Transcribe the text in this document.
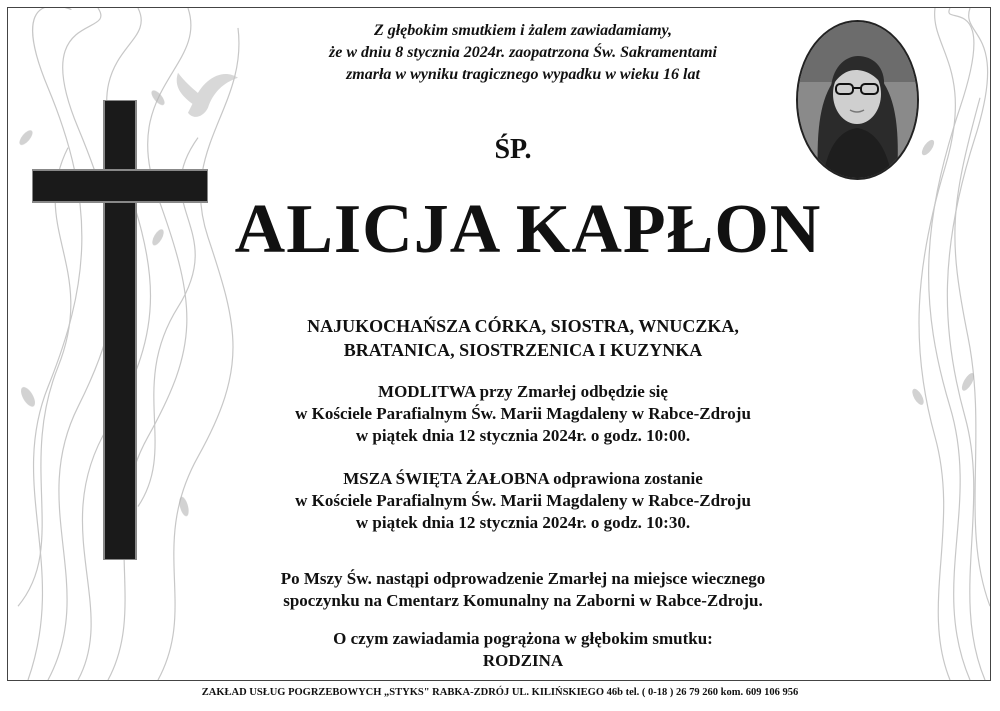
Z głębokim smutkiem i żalem zawiadamiamy,
że w dniu 8 stycznia 2024r. zaopatrzona Św. Sakramentami
zmarła w wyniku tragicznego wypadku w wieku 16 lat
ŚP.
ALICJA KAPŁON
NAJUKOCHAŃSZA CÓRKA, SIOSTRA, WNUCZKA,
BRATANICA, SIOSTRZENICA I KUZYNKA
MODLITWA przy Zmarłej odbędzie się
w Kościele Parafialnym Św. Marii Magdaleny w Rabce-Zdroju
w piątek dnia 12 stycznia 2024r. o godz. 10:00.
MSZA ŚWIĘTA ŻAŁOBNA odprawiona zostanie
w Kościele Parafialnym Św. Marii Magdaleny w Rabce-Zdroju
w piątek dnia 12 stycznia 2024r. o godz. 10:30.
Po Mszy Św. nastąpi odprowadzenie Zmarłej na miejsce wiecznego
spoczynku na Cmentarz Komunalny na Zaborni w Rabce-Zdroju.
O czym zawiadamia pogrążona w głębokim smutku:
RODZINA
ZAKŁAD USŁUG POGRZEBOWYCH „STYKS" RABKA-ZDRÓJ UL. KILIŃSKIEGO 46b tel. ( 0-18 ) 26 79 260 kom. 609 106 956
